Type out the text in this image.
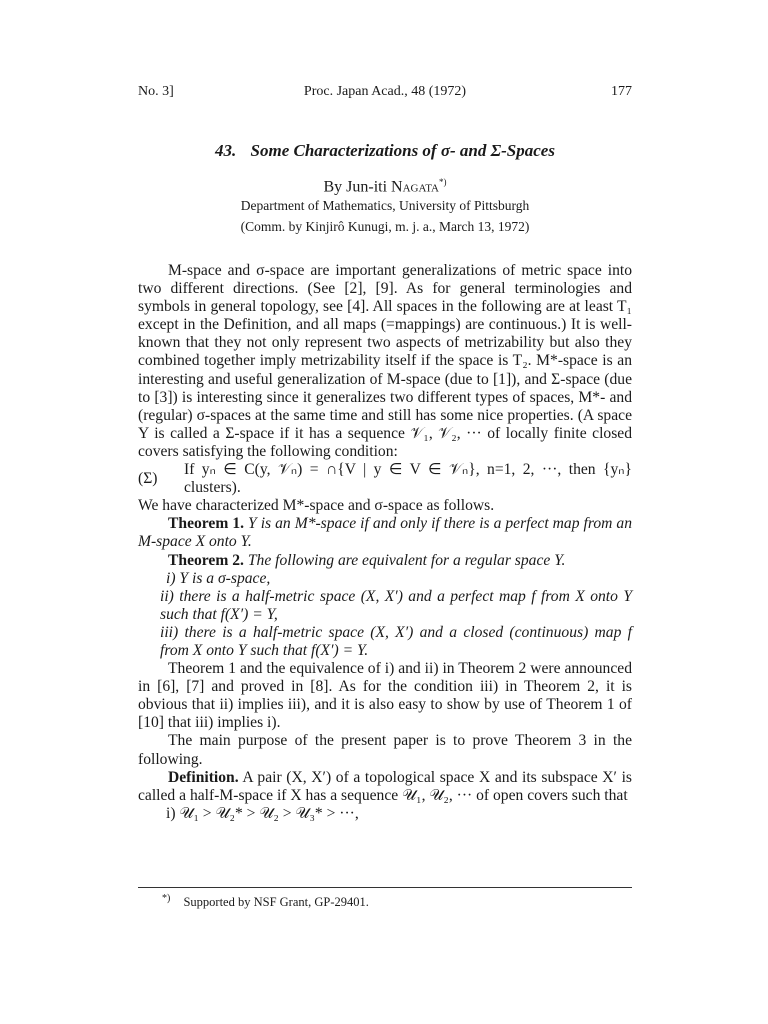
No. 3]	Proc. Japan Acad., 48 (1972)	177
43. Some Characterizations of σ- and Σ-Spaces
By Jun-iti Nagata*)
Department of Mathematics, University of Pittsburgh
(Comm. by Kinjirô Kunugi, m. j. a., March 13, 1972)

M-space and σ-space are important generalizations of metric space into two different directions. (See [2], [9]. As for general terminologies and symbols in general topology, see [4]. All spaces in the following are at least T₁ except in the Definition, and all maps (=mappings) are continuous.) It is well-known that they not only represent two aspects of metrizability but also they combined together imply metrizability itself if the space is T₂. M*-space is an interesting and useful generalization of M-space (due to [1]), and Σ-space (due to [3]) is interesting since it generalizes two different types of spaces, M*- and (regular) σ-spaces at the same time and still has some nice properties. (A space Y is called a Σ-space if it has a sequence 𝒱₁, 𝒱₂, ··· of locally finite closed covers satisfying the following condition:

(Σ)

If yₙ ∈ C(y, 𝒱ₙ) = ∩{V | y ∈ V ∈ 𝒱ₙ}, n=1, 2, ···, then {yₙ} clusters).

We have characterized M*-space and σ-space as follows.

Theorem 1. Y is an M*-space if and only if there is a perfect map from an M-space X onto Y.

Theorem 2. The following are equivalent for a regular space Y.

i) Y is a σ-space,

ii) there is a half-metric space (X, X′) and a perfect map f from X onto Y such that f(X′) = Y,

iii) there is a half-metric space (X, X′) and a closed (continuous) map f from X onto Y such that f(X′) = Y.

Theorem 1 and the equivalence of i) and ii) in Theorem 2 were announced in [6], [7] and proved in [8]. As for the condition iii) in Theorem 2, it is obvious that ii) implies iii), and it is also easy to show by use of Theorem 1 of [10] that iii) implies i).

The main purpose of the present paper is to prove Theorem 3 in the following.

Definition. A pair (X, X′) of a topological space X and its subspace X′ is called a half-M-space if X has a sequence 𝒰₁, 𝒰₂, ··· of open covers such that

i) 𝒰₁ > 𝒰₂* > 𝒰₂ > 𝒰₃* > ···,

*) Supported by NSF Grant, GP-29401.
